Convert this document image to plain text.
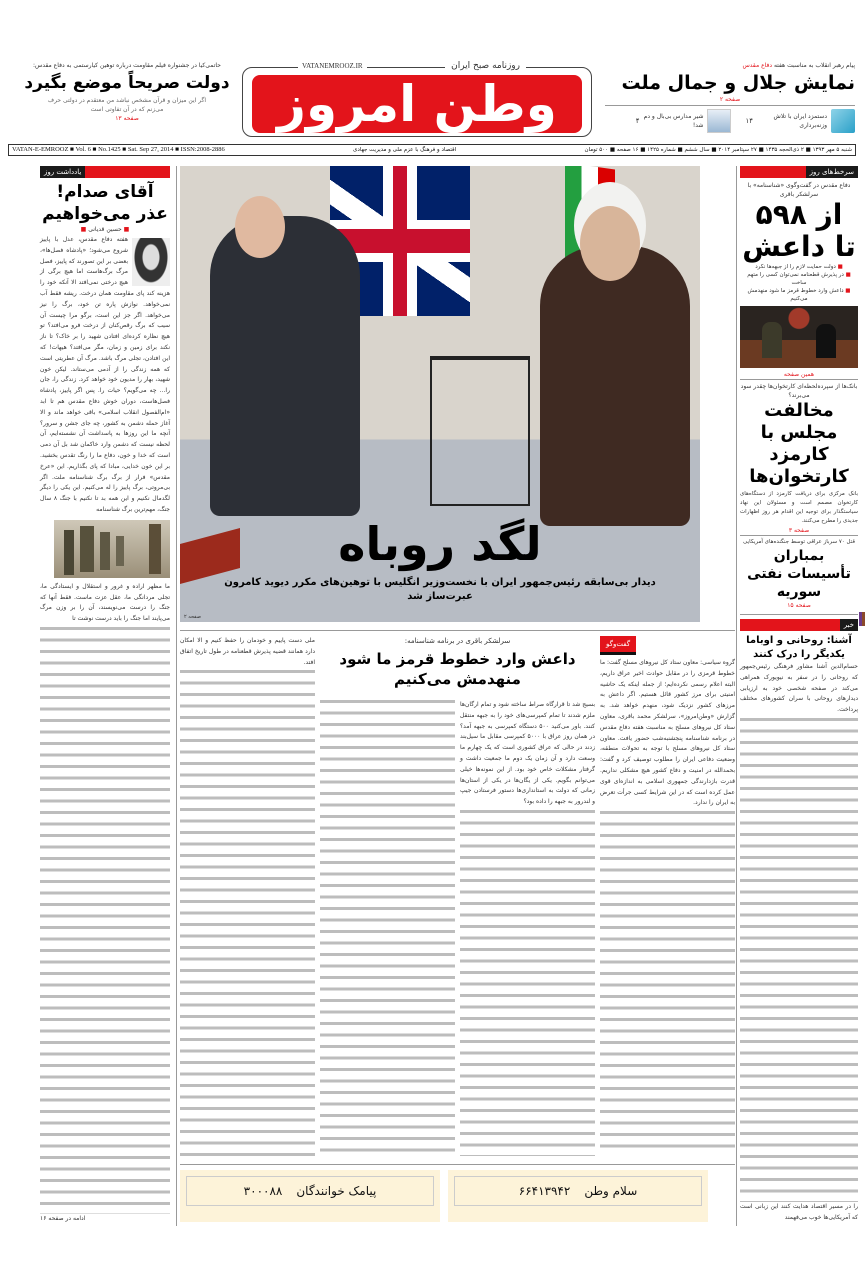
پیام رهبر انقلاب به مناسبت هفته دفاع مقدس
نمایش جلال و جمال ملت
صفحه ۲
دستمزد ایران با تلاش وزنه‌برداری
۱۴
شیر مدارس بی‌بال و دم شد!
۴
روزنامه صبح ایران
VATANEMROOZ.IR
وطن امروز
حاتمی‌کیا در جشنواره فیلم مقاومت درباره توهین کیارستمی به دفاع مقدس:
دولت صریحاً موضع بگیرد
اگر این میزان و قرآن مشخص نباشد من معتقدم در دولتی حرف می‌زنم که در آن تفاوتی است
صفحه ۱۳
شنبه ۵ مهر ۱۳۹۳ ■ ۲ ذی‌الحجه ۱۴۳۵ ■ ۲۷ سپتامبر ۲۰۱۴ ■ سال ششم ■ شماره ۱۴۲۵ ■ ۱۶ صفحه ■ ۵۰۰ تومان
اقتصاد و فرهنگ با عزم ملی و مدیریت جهادی
VATAN-E-EMROOZ ■ Vol. 6 ■ No.1425 ■ Sat. Sep 27, 2014 ■ ISSN:2008-2886
سرخط‌های روز
دفاع مقدس در گفت‌وگوی «شناسنامه» با سرلشکر باقری
از ۵۹۸
تا داعش
■ دولت حمایت لازم را از جبهه‌ها نکرد
■ در پذیرش قطعنامه نمی‌توان کسی را متهم ساخت
■ داعش وارد خطوط قرمز ما شود منهدمش می‌کنیم
همین صفحه
بانک‌ها از سپرده‌لحظه‌ای کارتخوان‌ها چقدر سود می‌برند؟
مخالفت مجلس با کارمزد کارتخوان‌ها
بانک مرکزی برای دریافت کارمزد از دستگاه‌های کارتخوان مصمم است و مسئولان این نهاد سیاستگذار برای توجیه این اقدام هر روز اظهارات جدیدی را مطرح می‌کنند.
صفحه ۳
قتل ۷۰ سرباز عراقی توسط جنگنده‌های آمریکایی
بمباران تأسیسات نفتی سوریه
صفحه ۱۵
خبر
آشنا: روحانی و اوباما یکدیگر را درک کنند
حسام‌الدین آشنا مشاور فرهنگی رئیس‌جمهور که روحانی را در سفر به نیویورک همراهی می‌کند در صفحه شخصی خود به ارزیابی دیدارهای روحانی با سران کشورهای مختلف پرداخت.
را در مسیر اقتصاد هدایت کنند این زبانی است که آمریکایی‌ها خوب می‌فهمند
یادداشت روز
آقای صدام! عذر می‌خواهیم
■ حسین قدیانی ■
هفته دفاع مقدس، عدل با پاییز شروع می‌شود؛ «پادشاه فصل‌ها»، بعضی بر این تصورند که پاییز، فصل مرگ برگ‌هاست اما هیچ برگی از هیچ درختی نمی‌افتد الا آنکه خود را هزینه کند پای مقاومت همان درخت. ریشه فقط آب نمی‌خواهد. نوازش پاره تن خود، برگ را نیز می‌خواهد. اگر جز این است، برگو مرا چیست آن سیب که برگ رقص‌کنان از درخت فرو می‌افتد؟ تو هیچ نظاره کرده‌ای افتادن شهید را بر خاک؟ تا ناز نکند برای زمین و زمان، مگر می‌افتد؟ هیهات! که این افتادن، تجلی مرگ باشد. مرگ آن عطریتی است که همه زندگی را از آدمی می‌ستاند. لیکن خون شهید، بهار را مدیون خود خواهد کرد. زندگی را، جان را... چه می‌گویم؟ حیات را. پس اگر پاییز، پادشاه فصل‌هاست، دوران خوش دفاع مقدس هم تا ابد «ام‌الفصول انقلاب اسلامی» باقی خواهد ماند و الا آغاز حمله دشمن به کشور، چه جای جشن و سرور؟ آنچه ما این روزها به پاسداشت آن نشسته‌ایم، آن لحظه نیست که دشمن وارد خاکمان شد بل آن دمی است که خدا و خون، دفاع ما را رنگ تقدس بخشید. بر این خون خدایی، مبادا که پای بگذاریم. این «عرخ مقدس» فرار از برگ برگ شناسنامه ملت. اگر بی‌مروتی، برگ پاییز را له می‌کنیم. این یکی را دیگر لگدمال نکنیم و این همه بد تا نکنیم با جنگ ۸ سال جنگ، مهم‌ترین برگ شناسنامه
ما مظهر اراده و غرور و استقلال و ایستادگی ما، تجلی مردانگی ما، عقل عزت ماست. فقط آنها که جنگ را درست می‌نویسند، آن را بر وزن مرگ می‌پایند اما جنگ را باید درست نوشت تا
ادامه در صفحه ۱۶
لگد روباه
دیدار بی‌سابقه رئیس‌جمهور ایران با نخست‌وزیر انگلیس با توهین‌های مکرر دیوید کامرون عبرت‌ساز شد
صفحه ۲
سرلشکر باقری در برنامه شناسنامه:
داعش وارد خطوط قرمز ما شود منهدمش می‌کنیم
گفت‌وگو
گروه سیاسی: معاون ستاد کل نیروهای مسلح گفت: ما خطوط قرمزی را در مقابل حوادث اخیر عراق داریم، البته اعلام رسمی نکرده‌ایم؛ از جمله اینکه یک حاشیه امنیتی برای مرز کشور قائل هستیم. اگر داعش به مرزهای کشور نزدیک شود، منهدم خواهد شد. به گزارش «وطن‌امروز»، سرلشکر محمد باقری، معاون ستاد کل نیروهای مسلح به مناسبت هفته دفاع مقدس در برنامه شناسنامه پنجشنبه‌شب حضور یافت. معاون ستاد کل نیروهای مسلح با توجه به تحولات منطقه، وضعیت دفاعی ایران را مطلوب توصیف کرد و گفت: بحمدالله در امنیت و دفاع کشور هیچ مشکلی نداریم. قدرت بازدارندگی جمهوری اسلامی به اندازه‌ای قوی عمل کرده است که در این شرایط کسی جرأت تعرض به ایران را ندارد.
بسیج شد تا قرارگاه صراط ساخته شود و تمام ارگان‌ها ملزم شدند تا تمام کمپرسی‌های خود را به جبهه منتقل کنند. باور می‌کنید ۵۰۰ دستگاه کمپرسی به جبهه آمد؟ در همان روز عراق با ۵۰۰۰ کمپرسی مقابل ما سیل‌بند زدند در حالی که عراق کشوری است که یک چهارم ما وسعت دارد و آن زمان یک دوم ما جمعیت داشت و گرفتار مشکلات خاص خود بود. از این نمونه‌ها خیلی می‌توانم بگویم. یکی از یگان‌ها در یکی از استان‌ها زمانی که دولت به استانداری‌ها دستور فرستادن جیپ و لندرور به جبهه را داده بود؟
ملی دست پاییم و خودمان را حفظ کنیم و الا امکان دارد همانند قضیه پذیرش قطعنامه در طول تاریخ اتفاق افتد.
سلام وطن
۶۶۴۱۳۹۴۲
پیامک خوانندگان
۳۰۰۰۸۸
